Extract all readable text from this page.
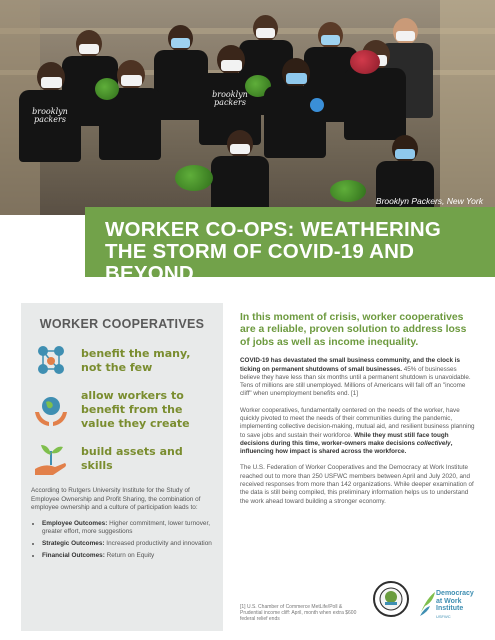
brooklyn
packers
brooklyn
packers
Brooklyn Packers, New York
WORKER CO-OPS: WEATHERING THE STORM OF COVID-19 AND BEYOND
WORKER COOPERATIVES
benefit the many, not the few
allow workers to benefit from the value they create
build assets and skills

According to Rutgers University Institute for the Study of Employee Ownership and Profit Sharing, the combination of employee ownership and a culture of participation leads to:

• Employee Outcomes: Higher commitment, lower turnover, greater effort, more suggestions
• Strategic Outcomes: Increased productivity and innovation
• Financial Outcomes: Return on Equity

In this moment of crisis, worker cooperatives are a reliable, proven solution to address loss of jobs as well as income inequality.

COVID-19 has devastated the small business community, and the clock is ticking on permanent shutdowns of small businesses. 45% of businesses believe they have less than six months until a permanent shutdown is unavoidable. Tens of millions are still unemployed. Millions of Americans will fall off an "income cliff" when unemployment benefits end. [1]

Worker cooperatives, fundamentally centered on the needs of the worker, have quickly pivoted to meet the needs of their communities during the pandemic, implementing collective decision-making, mutual aid, and resilient business planning to save jobs and sustain their workforce. While they must still face tough decisions during this time, worker-owners make decisions collectively, influencing how impact is shared across the workforce.

The U.S. Federation of Worker Cooperatives and the Democracy at Work Institute reached out to more than 250 USFWC members between April and July 2020, and received responses from more than 142 organizations. While deeper examination of the data is still being compiled, this preliminary information helps us to understand the work ahead toward building a stronger economy.

[1] U.S. Chamber of Commerce MetLife/Poll & Prudential income cliff: April, month when extra $600 federal relief ends
Democracy
at Work
Institute
USFWC
